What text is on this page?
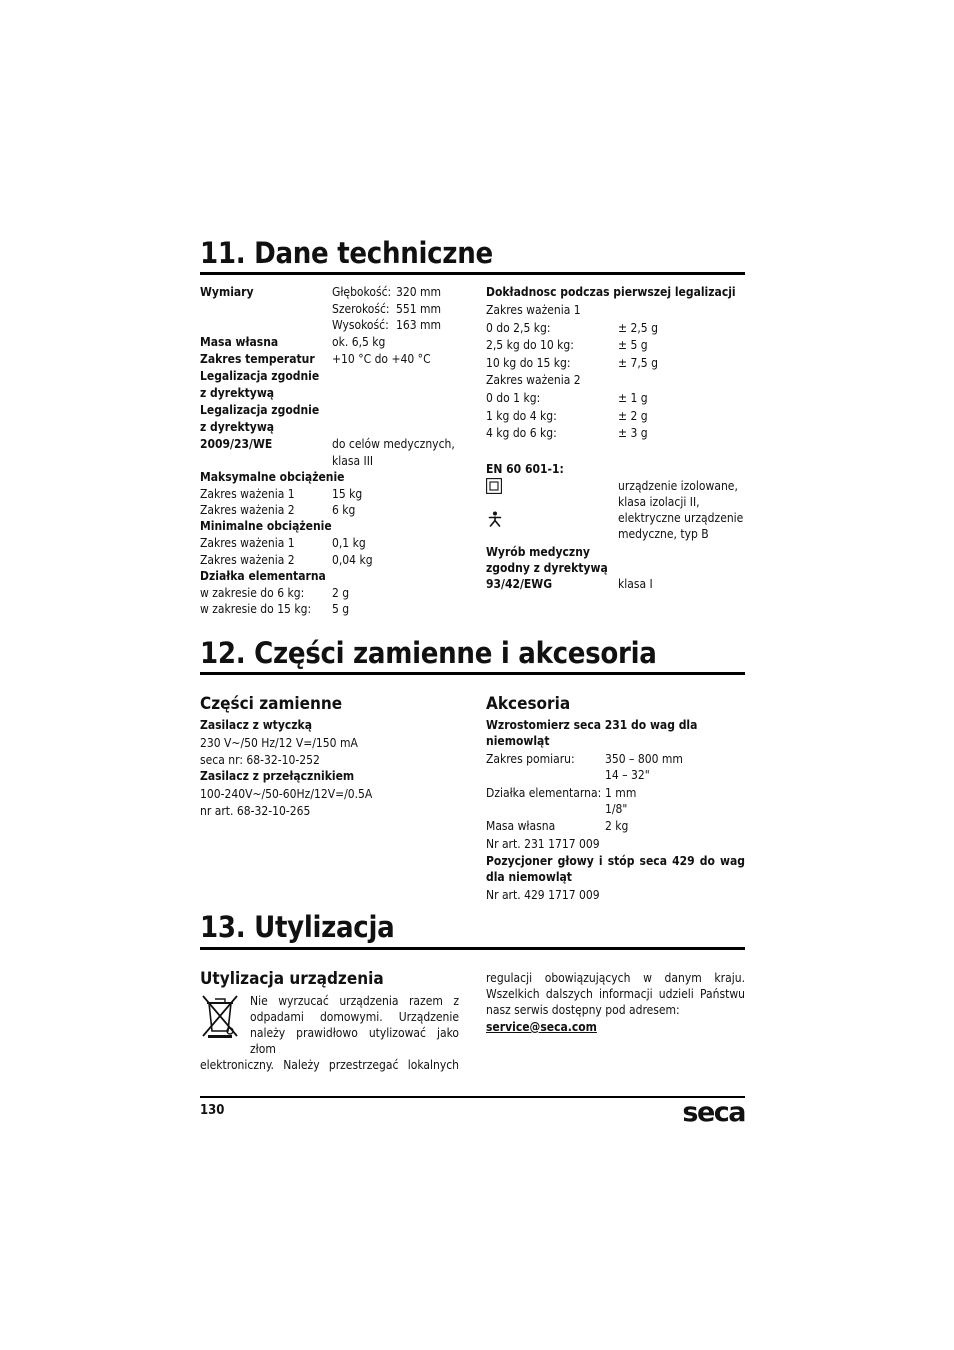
11. Dane techniczne
Wymiary	Głębokość: 320 mm
Szerokość: 551 mm
Wysokość: 163 mm
Masa własna	ok. 6,5 kg
Zakres temperatur +10 °C do +40 °C
Legalizacja zgodnie
z dyrektywą
Legalizacja zgodnie
z dyrektywą
2009/23/WE	do celów medycznych,
klasa III
Maksymalne obciążenie
Zakres ważenia 1	15 kg
Zakres ważenia 2	6 kg
Minimalne obciążenie
Zakres ważenia 1	0,1 kg
Zakres ważenia 2	0,04 kg
Działka elementarna
w zakresie do 6 kg: 2 g
w zakresie do 15 kg: 5 g
Dokładnosc podczas pierwszej legalizacji
Zakres ważenia 1
0 do 2,5 kg:	± 2,5 g
2,5 kg do 10 kg:	± 5 g
10 kg do 15 kg:	± 7,5 g
Zakres ważenia 2
0 do 1 kg:	± 1 g
1 kg do 4 kg:	± 2 g
4 kg do 6 kg:	± 3 g
EN 60 601-1:
urządzenie izolowane,
klasa izolacji II,
elektryczne urządzenie
medyczne, typ B
Wyrób medyczny
zgodny z dyrektywą
93/42/EWG	klasa I
12. Części zamienne i akcesoria
Części zamienne
Zasilacz z wtyczką
230 V~/50 Hz/12 V=/150 mA
seca nr: 68-32-10-252
Zasilacz z przełącznikiem
100-240V~/50-60Hz/12V=/0.5A
nr art. 68-32-10-265
Akcesoria
Wzrostomierz seca 231 do wag dla
niemowląt
Zakres pomiaru:	350 – 800 mm
14 – 32"
Działka elementarna: 1 mm
1/8"
Masa własna	2 kg
Nr art. 231 1717 009
Pozycjoner głowy i stóp seca 429 do wag
dla niemowląt
Nr art. 429 1717 009
13. Utylizacja
Utylizacja urządzenia
Nie wyrzucać urządzenia razem z
odpadami domowymi. Urządzenie
należy prawidłowo utylizować jako złom
elektroniczny. Należy przestrzegać lokalnych
regulacji obowiązujących w danym kraju.
Wszelkich dalszych informacji udzieli Państwu
nasz serwis dostępny pod adresem:
service@seca.com
130	seca
